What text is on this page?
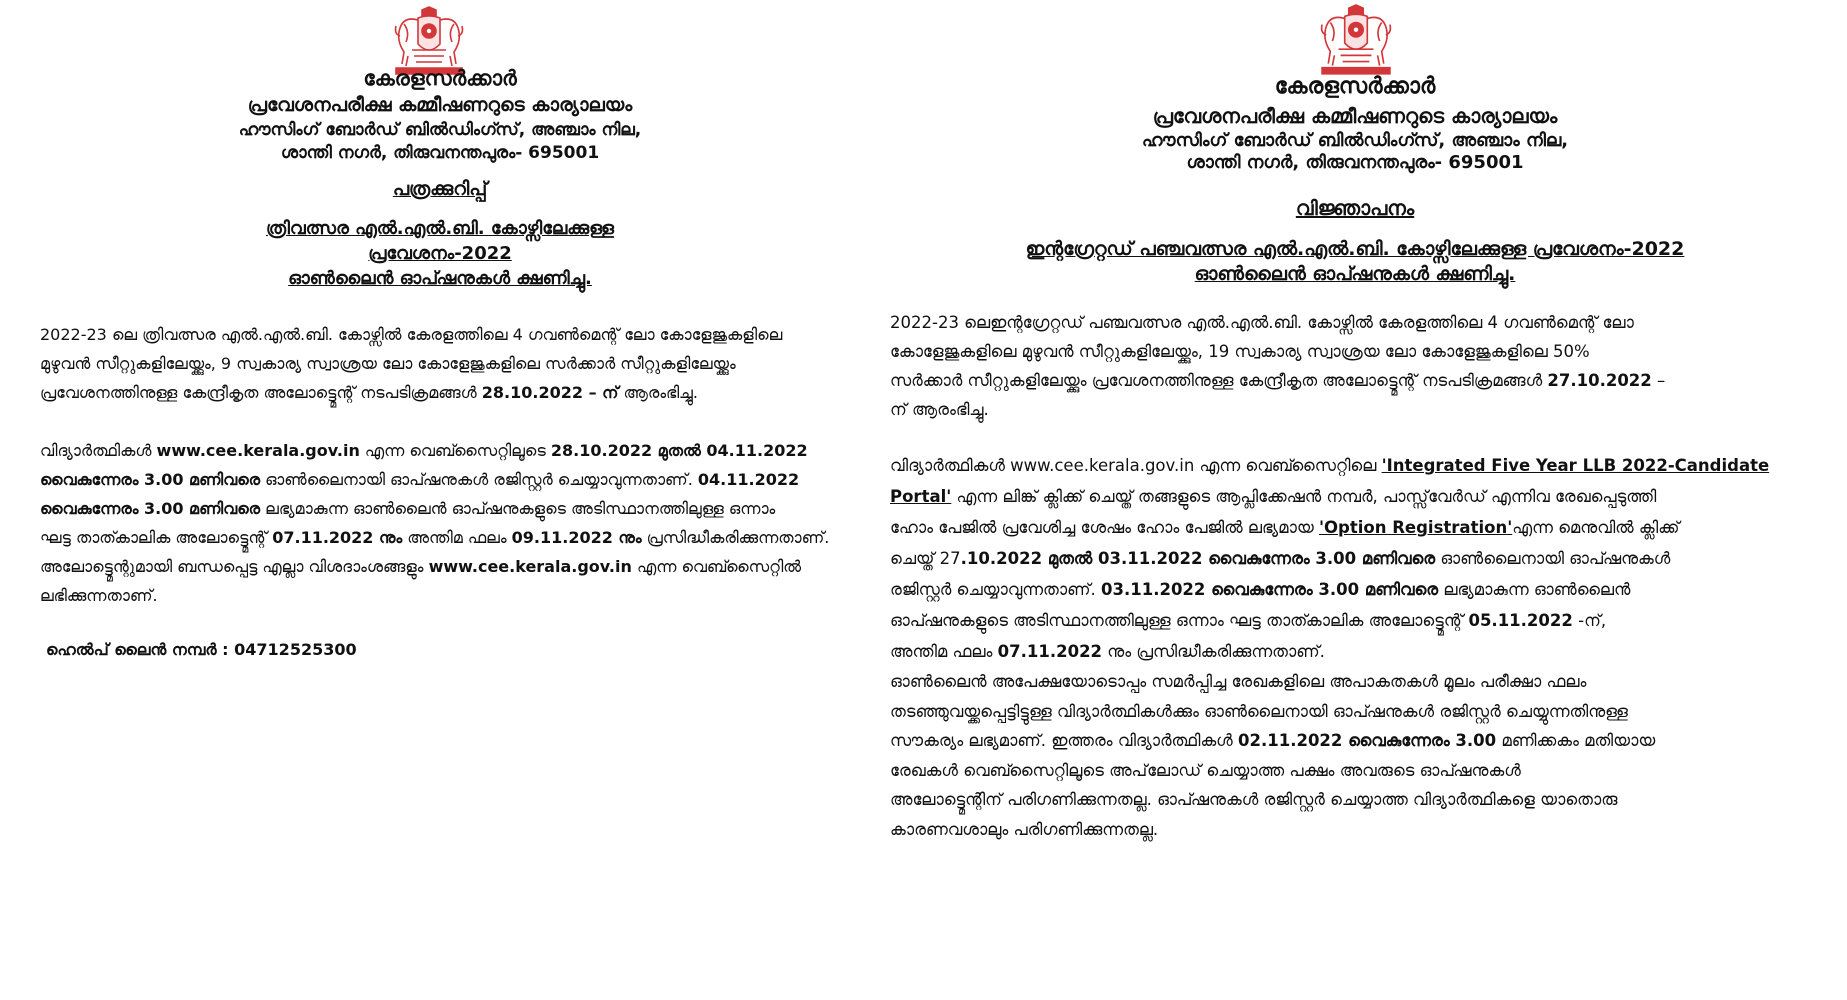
കേരളസർക്കാർ
പ്രവേശനപരീക്ഷ കമ്മീഷണറുടെ കാര്യാലയം
ഹൗസിംഗ് ബോർഡ് ബിൽഡിംഗ്സ്, അഞ്ചാം നില,
ശാന്തി നഗർ, തിരുവനന്തപുരം- 695001
പത്രക്കുറിപ്പ്
ത്രിവത്സര എൽ.എൽ.ബി. കോഴ്സിലേക്കുള്ള
പ്രവേശനം-2022
ഓൺലൈൻ ഓപ്ഷനുകൾ ക്ഷണിച്ചു.
2022-23 ലെ ത്രിവത്സര എൽ.എൽ.ബി. കോഴ്സിൽ കേരളത്തിലെ 4 ഗവൺമെന്റ് ലോ കോളേജുകളിലെ
മുഴുവൻ സീറ്റുകളിലേയ്ക്കും, 9 സ്വകാര്യ സ്വാശ്രയ ലോ കോളേജുകളിലെ സർക്കാർ സീറ്റുകളിലേയ്ക്കും
പ്രവേശനത്തിനുള്ള കേന്ദ്രീകൃത അലോട്ട്മെന്റ് നടപടിക്രമങ്ങൾ 28.10.2022 – ന് ആരംഭിച്ചു.
വിദ്യാർത്ഥികൾ www.cee.kerala.gov.in എന്ന വെബ്സൈറ്റിലൂടെ 28.10.2022 മുതൽ 04.11.2022
വൈകുന്നേരം 3.00 മണിവരെ ഓൺലൈനായി ഓപ്ഷനുകൾ രജിസ്റ്റർ ചെയ്യാവുന്നതാണ്. 04.11.2022
വൈകുന്നേരം 3.00 മണിവരെ ലഭ്യമാകുന്ന ഓൺലൈൻ ഓപ്ഷനുകളുടെ അടിസ്ഥാനത്തിലുള്ള ഒന്നാം
ഘട്ട താത്കാലിക അലോട്ട്മെന്റ് 07.11.2022 നും അന്തിമ ഫലം 09.11.2022 നും പ്രസിദ്ധീകരിക്കുന്നതാണ്.
അലോട്ട്മെന്റുമായി ബന്ധപ്പെട്ട എല്ലാ വിശദാംശങ്ങളും www.cee.kerala.gov.in എന്ന വെബ്സൈറ്റിൽ
ലഭിക്കുന്നതാണ്.
ഹെൽപ് ലൈൻ നമ്പർ : 04712525300
കേരളസർക്കാർ
പ്രവേശനപരീക്ഷ കമ്മീഷണറുടെ കാര്യാലയം
ഹൗസിംഗ് ബോർഡ് ബിൽഡിംഗ്സ്, അഞ്ചാം നില,
ശാന്തി നഗർ, തിരുവനന്തപുരം- 695001
വിജ്ഞാപനം
ഇന്റഗ്രേറ്റഡ് പഞ്ചവത്സര എൽ.എൽ.ബി. കോഴ്സിലേക്കുള്ള പ്രവേശനം-2022
ഓൺലൈൻ ഓപ്ഷനുകൾ ക്ഷണിച്ചു.
2022-23 ലെഇന്റഗ്രേറ്റഡ് പഞ്ചവത്സര എൽ.എൽ.ബി. കോഴ്സിൽ കേരളത്തിലെ 4 ഗവൺമെന്റ് ലോ
കോളേജുകളിലെ മുഴുവൻ സീറ്റുകളിലേയ്ക്കും, 19 സ്വകാര്യ സ്വാശ്രയ ലോ കോളേജുകളിലെ 50%
സർക്കാർ സീറ്റുകളിലേയ്ക്കും പ്രവേശനത്തിനുള്ള കേന്ദ്രീകൃത അലോട്ട്മെന്റ് നടപടിക്രമങ്ങൾ 27.10.2022 –
ന് ആരംഭിച്ചു.
വിദ്യാർത്ഥികൾ www.cee.kerala.gov.in എന്ന വെബ്സൈറ്റിലെ 'Integrated Five Year LLB 2022-Candidate
Portal' എന്ന ലിങ്ക് ക്ലിക്ക് ചെയ്ത് തങ്ങളുടെ ആപ്ലിക്കേഷൻ നമ്പർ, പാസ്സ്‌വേർഡ് എന്നിവ രേഖപ്പെടുത്തി
ഹോം പേജിൽ പ്രവേശിച്ച ശേഷം ഹോം പേജിൽ ലഭ്യമായ 'Option Registration'എന്ന മെനുവിൽ ക്ലിക്ക്
ചെയ്ത് 27.10.2022 മുതൽ 03.11.2022 വൈകുന്നേരം 3.00 മണിവരെ ഓൺലൈനായി ഓപ്ഷനുകൾ
രജിസ്റ്റർ ചെയ്യാവുന്നതാണ്. 03.11.2022 വൈകുന്നേരം 3.00 മണിവരെ ലഭ്യമാകുന്ന ഓൺലൈൻ
ഓപ്ഷനുകളുടെ അടിസ്ഥാനത്തിലുള്ള ഒന്നാം ഘട്ട താത്കാലിക അലോട്ട്മെന്റ് 05.11.2022 -ന്,
അന്തിമ ഫലം 07.11.2022 നും പ്രസിദ്ധീകരിക്കുന്നതാണ്.
ഓൺലൈൻ അപേക്ഷയോടൊപ്പം സമർപ്പിച്ച രേഖകളിലെ അപാകതകൾ മൂലം പരീക്ഷാ ഫലം
തടഞ്ഞുവയ്ക്കപ്പെട്ടിട്ടുള്ള വിദ്യാർത്ഥികൾക്കും ഓൺലൈനായി ഓപ്ഷനുകൾ രജിസ്റ്റർ ചെയ്യുന്നതിനുള്ള
സൗകര്യം ലഭ്യമാണ്. ഇത്തരം വിദ്യാർത്ഥികൾ 02.11.2022 വൈകുന്നേരം 3.00 മണിക്കകം മതിയായ
രേഖകൾ വെബ്സൈറ്റിലൂടെ അപ്‌ലോഡ് ചെയ്യാത്ത പക്ഷം അവരുടെ ഓപ്ഷനുകൾ
അലോട്ട്മെന്റിന് പരിഗണിക്കുന്നതല്ല. ഓപ്ഷനുകൾ രജിസ്റ്റർ ചെയ്യാത്ത വിദ്യാർത്ഥികളെ യാതൊരു
കാരണവശാലും പരിഗണിക്കുന്നതല്ല.
